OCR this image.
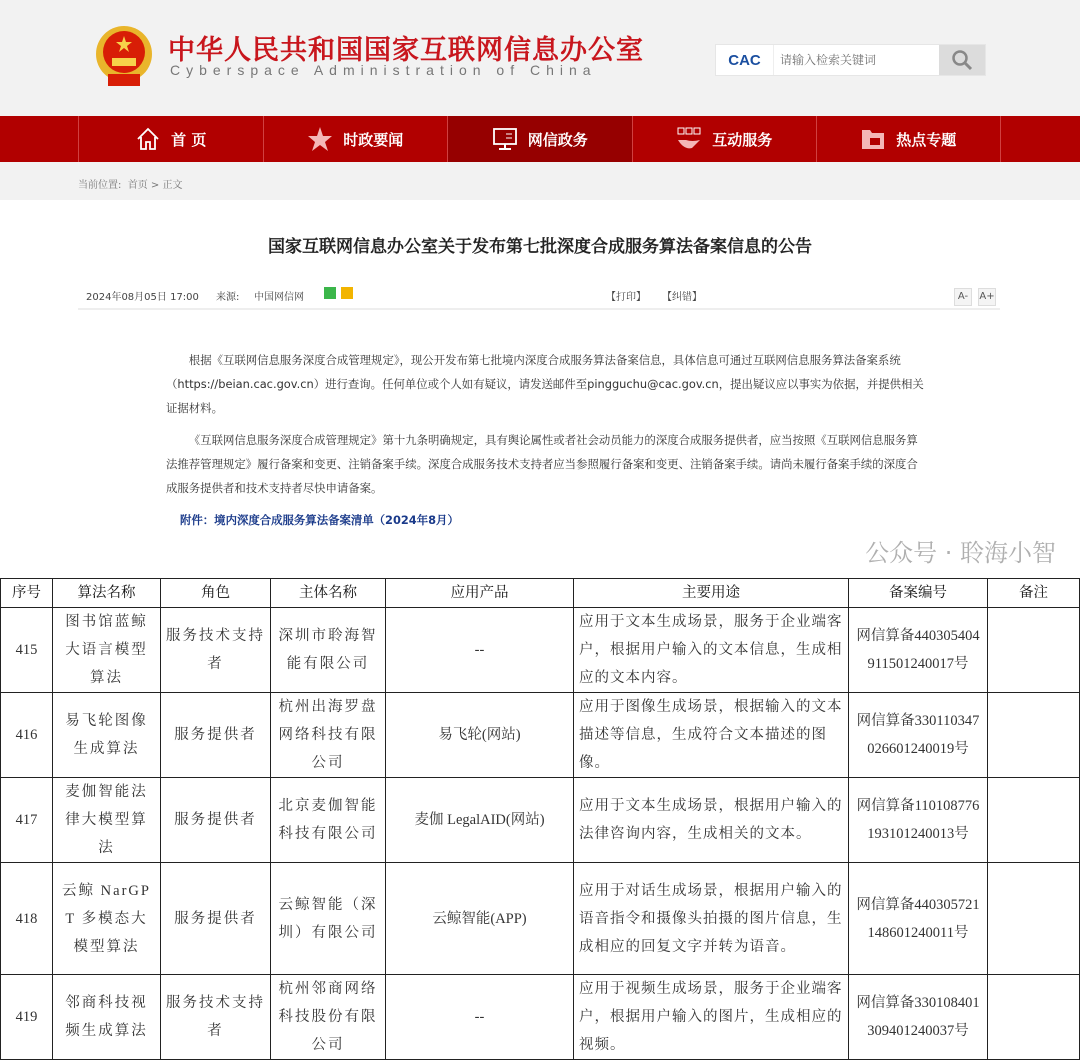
中华人民共和国国家互联网信息办公室
Cyberspace Administration of China
CAC
请输入检索关键词
首 页	时政要闻	网信政务	互动服务	热点专题
当前位置: 首页 > 正文
国家互联网信息办公室关于发布第七批深度合成服务算法备案信息的公告
2024年08月05日 17:00 来源: 中国网信网	【打印】 【纠错】	A-	A+

根据《互联网信息服务深度合成管理规定》，现公开发布第七批境内深度合成服务算法备案信息，具体信息可通过互联网信息服务算法备案系统（https://beian.cac.gov.cn）进行查询。任何单位或个人如有疑议，请发送邮件至pingguchu@cac.gov.cn，提出疑议应以事实为依据，并提供相关证据材料。

《互联网信息服务深度合成管理规定》第十九条明确规定，具有舆论属性或者社会动员能力的深度合成服务提供者，应当按照《互联网信息服务算法推荐管理规定》履行备案和变更、注销备案手续。深度合成服务技术支持者应当参照履行备案和变更、注销备案手续。请尚未履行备案手续的深度合成服务提供者和技术支持者尽快申请备案。

附件：境内深度合成服务算法备案清单（2024年8月）
序号	算法名称	角色	主体名称	应用产品	主要用途	备案编号	备注
415	图书馆蓝鲸大语言模型算法	服务技术支持者	深圳市聆海智能有限公司	--	应用于文本生成场景，服务于企业端客户，根据用户输入的文本信息，生成相应的文本内容。	网信算备440305404911501240017号	
416	易飞轮图像生成算法	服务提供者	杭州出海罗盘网络科技有限公司	易飞轮(网站)	应用于图像生成场景，根据输入的文本描述等信息，生成符合文本描述的图像。	网信算备330110347026601240019号	
417	麦伽智能法律大模型算法	服务提供者	北京麦伽智能科技有限公司	麦伽 LegalAID(网站)	应用于文本生成场景，根据用户输入的法律咨询内容，生成相关的文本。	网信算备110108776193101240013号	
418	云鲸 NarGPT 多模态大模型算法	服务提供者	云鲸智能（深圳）有限公司	云鲸智能(APP)	应用于对话生成场景，根据用户输入的语音指令和摄像头拍摄的图片信息，生成相应的回复文字并转为语音。	网信算备440305721148601240011号	
419	邻商科技视频生成算法	服务技术支持者	杭州邻商网络科技股份有限公司	--	应用于视频生成场景，服务于企业端客户，根据用户输入的图片，生成相应的视频。	网信算备330108401309401240037号	
公众号 · 聆海小智
